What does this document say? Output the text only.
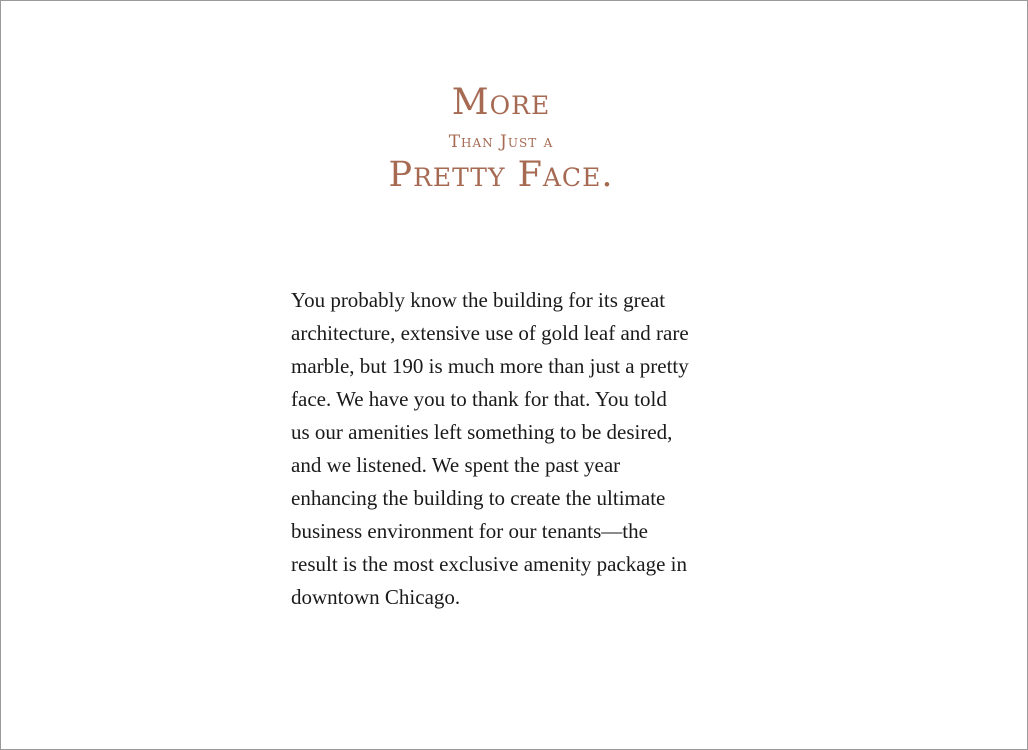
More
Than Just a
Pretty Face.

You probably know the building for its great
architecture, extensive use of gold leaf and rare
marble, but 190 is much more than just a pretty
face. We have you to thank for that. You told
us our amenities left something to be desired,
and we listened. We spent the past year
enhancing the building to create the ultimate
business environment for our tenants—the
result is the most exclusive amenity package in
downtown Chicago.
